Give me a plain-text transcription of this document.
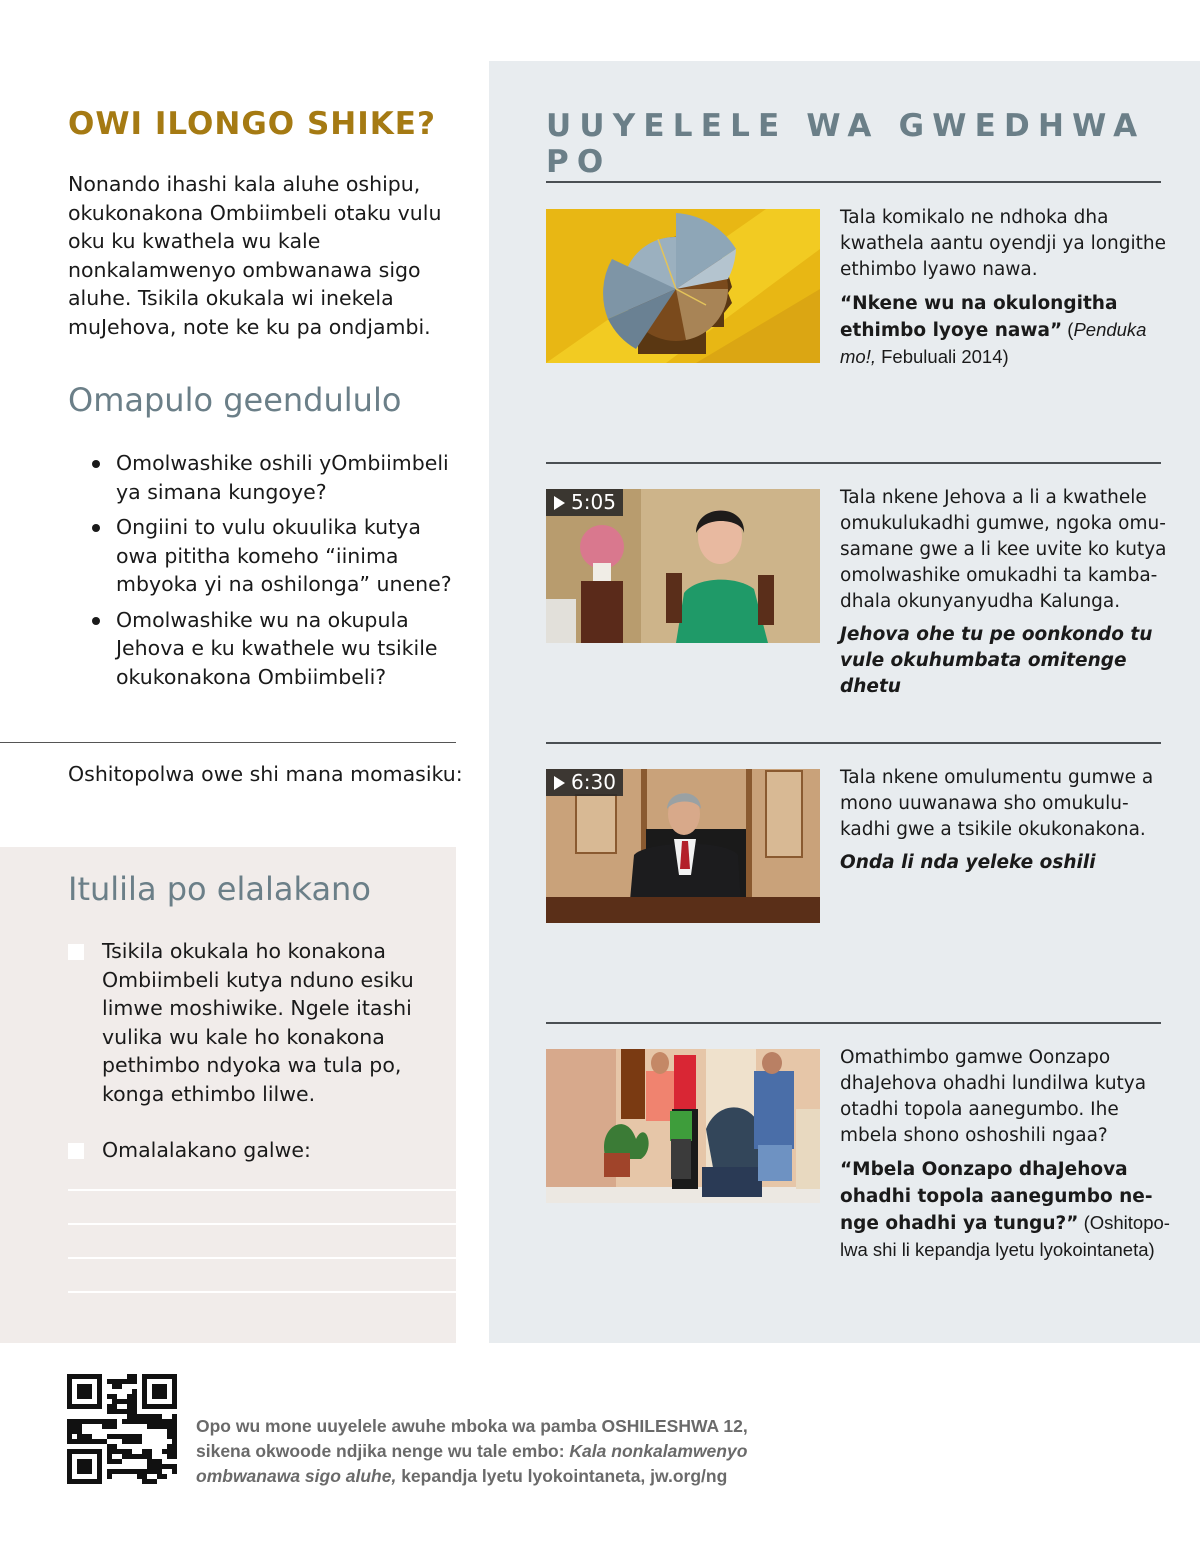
OWI ILONGO SHIKE?
Nonando ihashi kala aluhe oshipu, okukonakona Ombiimbeli otaku vulu oku ku kwathela wu kale nonkalamwenyo ombwanawa sigo aluhe. Tsikila okukala wi inekela muJehova, note ke ku pa ondjambi.
Omapulo geendululo
Omolwashike oshili yOmbiimbeli ya simana kungoye?
Ongiini to vulu okuulika kutya owa pititha komeho “iinima mbyoka yi na oshilonga” unene?
Omolwashike wu na okupula Jehova e ku kwathele wu tsikile okukonakona Ombiimbeli?
Oshitopolwa owe shi mana momasiku:
Itulila po elalakano
Tsikila okukala ho konakona Ombiimbeli kutya nduno esiku limwe moshiwike. Ngele itashi vulika wu kale ho konakona pethimbo ndyoka wa tula po, konga ethimbo lilwe.
Omalalakano galwe:
UUYELELE WA GWEDHWA PO

Tala komikalo ne ndhoka dha kwathela aantu oyendji ya longithe ethimbo lyawo nawa.

“Nkene wu na okulongitha ethimbo lyoye nawa” (Penduka mo!, Febuluali 2014)

5:05	Tala nkene Jehova a li a kwathele omukulukadhi gumwe, ngoka omusamane gwe a li kee uvite ko kutya omolwashike omukadhi ta kambadhala okunyanyudha Kalunga.

Jehova ohe tu pe oonkondo tu vule okuhumbata omitenge dhetu

6:30	Tala nkene omulumentu gumwe a mono uuwanawa sho omukulukadhi gwe a tsikile okukonakona.

Onda li nda yeleke oshili

Omathimbo gamwe Oonzapo dhaJehova ohadhi lundilwa kutya otadhi topola aanegumbo. Ihe mbela shono oshoshili ngaa?

“Mbela Oonzapo dhaJehova ohadhi topola aanegumbo nenge ohadhi ya tungu?” (Oshitopolwa shi li kepandja lyetu lyokointaneta)

Opo wu mone uuyelele awuhe mboka wa pamba OSHILESHWA 12, sikena okwoode ndjika nenge wu tale embo: Kala nonkalamwenyo ombwanawa sigo aluhe, kepandja lyetu lyokointaneta, jw.org/ng
